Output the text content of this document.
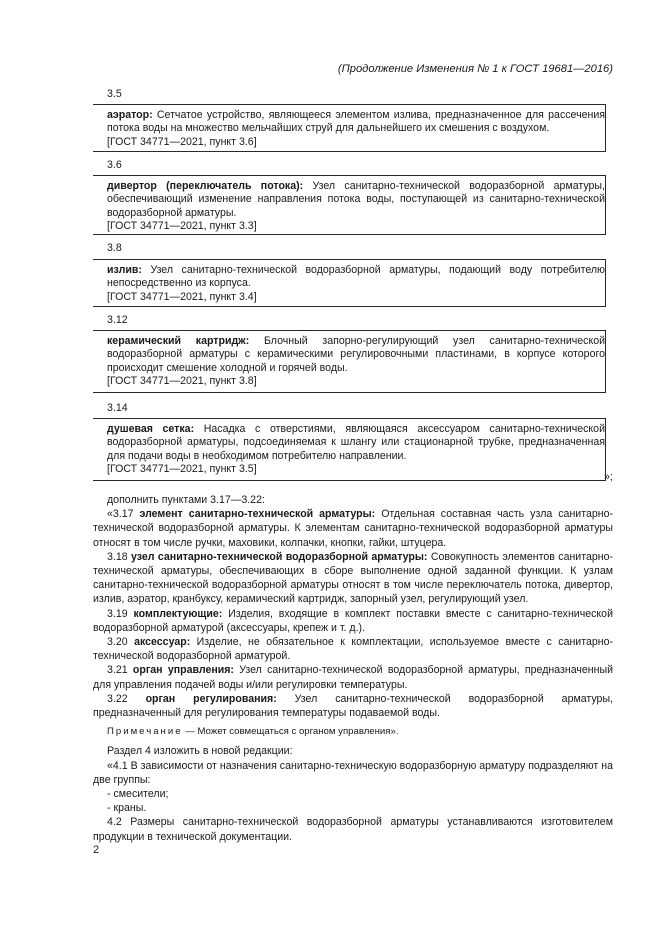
(Продолжение Изменения № 1 к ГОСТ 19681—2016)
3.5

аэратор: Сетчатое устройство, являющееся элементом излива, предназначенное для рассечения потока воды на множество мельчайших струй для дальнейшего их смешения с воздухом.

[ГОСТ 34771—2021, пункт 3.6]

3.6

дивертор (переключатель потока): Узел санитарно-технической водоразборной арматуры, обеспечивающий изменение направления потока воды, поступающей из санитарно-технической водоразборной арматуры.

[ГОСТ 34771—2021, пункт 3.3]

3.8

излив: Узел санитарно-технической водоразборной арматуры, подающий воду потребителю непосредственно из корпуса.

[ГОСТ 34771—2021, пункт 3.4]

3.12

керамический картридж: Блочный запорно-регулирующий узел санитарно-технической водоразборной арматуры с керамическими регулировочными пластинами, в корпусе которого происходит смешение холодной и горячей воды.

[ГОСТ 34771—2021, пункт 3.8]

3.14

душевая сетка: Насадка с отверстиями, являющаяся аксессуаром санитарно-технической водоразборной арматуры, подсоединяемая к шлангу или стационарной трубке, предназначенная для подачи воды в необходимом потребителю направлении.

[ГОСТ 34771—2021, пункт 3.5]

»;

дополнить пунктами 3.17—3.22:

«3.17 элемент санитарно-технической арматуры: Отдельная составная часть узла санитарно-технической водоразборной арматуры. К элементам санитарно-технической водоразборной арматуры относят в том числе ручки, маховики, колпачки, кнопки, гайки, штуцера.

3.18 узел санитарно-технической водоразборной арматуры: Совокупность элементов санитарно-технической арматуры, обеспечивающих в сборе выполнение одной заданной функции. К узлам санитарно-технической водоразборной арматуры относят в том числе переключатель потока, дивертор, излив, аэратор, кранбуксу, керамический картридж, запорный узел, регулирующий узел.

3.19 комплектующие: Изделия, входящие в комплект поставки вместе с санитарно-технической водоразборной арматурой (аксессуары, крепеж и т. д.).

3.20 аксессуар: Изделие, не обязательное к комплектации, используемое вместе с санитарно-технической водоразборной арматурой.

3.21 орган управления: Узел санитарно-технической водоразборной арматуры, предназначенный для управления подачей воды и/или регулировки температуры.

3.22 орган регулирования: Узел санитарно-технической водоразборной арматуры, предназначенный для регулирования температуры подаваемой воды.

Примечание — Может совмещаться с органом управления».

Раздел 4 изложить в новой редакции:

«4.1 В зависимости от назначения санитарно-техническую водоразборную арматуру подразделяют на две группы:

- смесители;

- краны.

4.2 Размеры санитарно-технической водоразборной арматуры устанавливаются изготовителем продукции в технической документации.

2
